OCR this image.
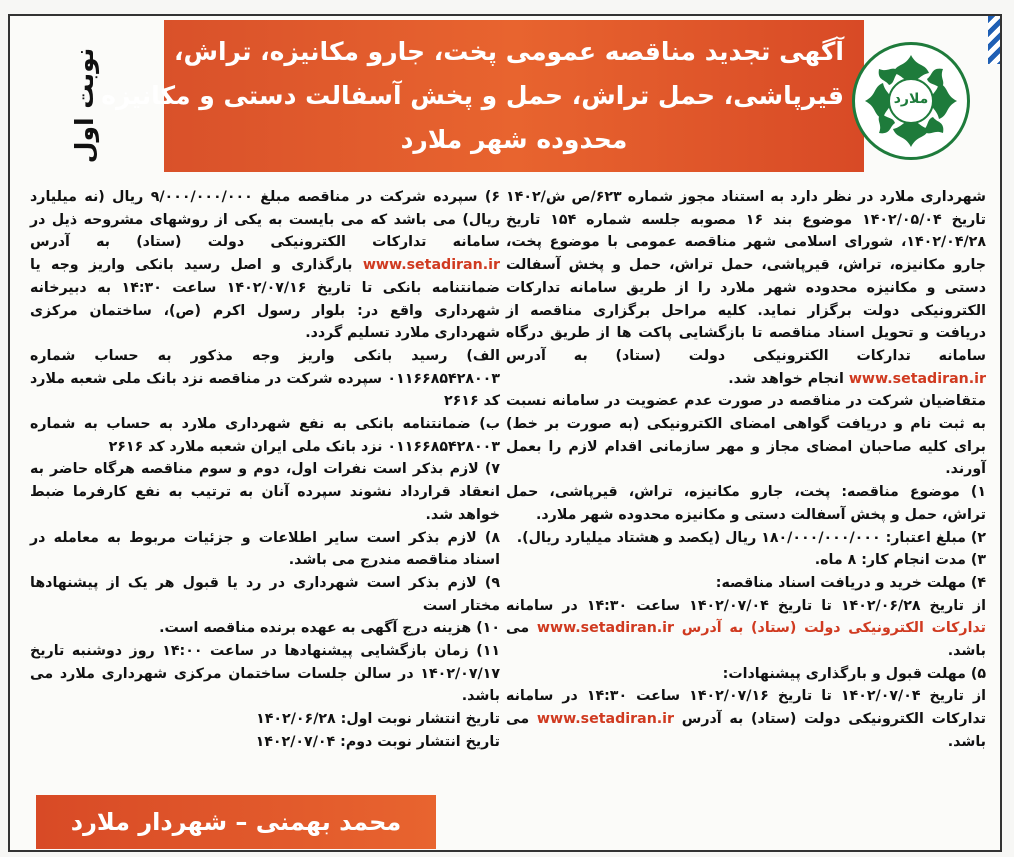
آگهی تجدید مناقصه عمومی پخت، جارو مکانیزه، تراش،
قیرپاشی، حمل تراش، حمل و پخش آسفالت دستی و مکانیزه
محدوده شهر ملارد
نوبت اول	ملارد

شهرداری ملارد در نظر دارد به استناد مجوز شماره ۶۲۳/ص ش/۱۴۰۲ تاریخ ۱۴۰۲/۰۵/۰۴ موضوع بند ۱۶ مصوبه جلسه شماره ۱۵۴ تاریخ ۱۴۰۲/۰۴/۲۸، شورای اسلامی شهر مناقصه عمومی با موضوع پخت، جارو مکانیزه، تراش، قیرپاشی، حمل تراش، حمل و پخش آسفالت دستی و مکانیزه محدوده شهر ملارد را از طریق سامانه تدارکات الکترونیکی دولت برگزار نماید. کلیه مراحل برگزاری مناقصه از دریافت و تحویل اسناد مناقصه تا بازگشایی پاکت ها از طریق درگاه سامانه تدارکات الکترونیکی دولت (ستاد) به آدرس www.setadiran.ir انجام خواهد شد.

متقاضیان شرکت در مناقصه در صورت عدم عضویت در سامانه نسبت به ثبت نام و دریافت گواهی امضای الکترونیکی (به صورت بر خط) برای کلیه صاحبان امضای مجاز و مهر سازمانی اقدام لازم را بعمل آورند.

۱) موضوع مناقصه: پخت، جارو مکانیزه، تراش، قیرپاشی، حمل تراش، حمل و پخش آسفالت دستی و مکانیزه محدوده شهر ملارد.

۲) مبلغ اعتبار: ۱۸۰/۰۰۰/۰۰۰/۰۰۰ ریال (یکصد و هشتاد میلیارد ریال).

۳) مدت انجام کار: ۸ ماه.

۴) مهلت خرید و دریافت اسناد مناقصه:

از تاریخ ۱۴۰۲/۰۶/۲۸ تا تاریخ ۱۴۰۲/۰۷/۰۴ ساعت ۱۴:۳۰ در سامانه تدارکات الکترونیکی دولت (ستاد) به آدرس www.setadiran.ir می باشد.

۵) مهلت قبول و بارگذاری پیشنهادات:

از تاریخ ۱۴۰۲/۰۷/۰۴ تا تاریخ ۱۴۰۲/۰۷/۱۶ ساعت ۱۴:۳۰ در سامانه تدارکات الکترونیکی دولت (ستاد) به آدرس www.setadiran.ir می باشد.

۶) سپرده شرکت در مناقصه مبلغ ۹/۰۰۰/۰۰۰/۰۰۰ ریال (نه میلیارد ریال) می باشد که می بایست به یکی از روشهای مشروحه ذیل در سامانه تدارکات الکترونیکی دولت (ستاد) به آدرس www.setadiran.ir بارگذاری و اصل رسید بانکی واریز وجه یا ضمانتنامه بانکی تا تاریخ ۱۴۰۲/۰۷/۱۶ ساعت ۱۴:۳۰ به دبیرخانه شهرداری واقع در: بلوار رسول اکرم (ص)، ساختمان مرکزی شهرداری ملارد تسلیم گردد.

الف) رسید بانکی واریز وجه مذکور به حساب شماره ۰۱۱۶۶۸۵۴۲۸۰۰۳ سپرده شرکت در مناقصه نزد بانک ملی شعبه ملارد کد ۲۶۱۶

ب) ضمانتنامه بانکی به نفع شهرداری ملارد به حساب به شماره ۰۱۱۶۶۸۵۴۲۸۰۰۳ نزد بانک ملی ایران شعبه ملارد کد ۲۶۱۶

۷) لازم بذکر است نفرات اول، دوم و سوم مناقصه هرگاه حاضر به انعقاد قرارداد نشوند سپرده آنان به ترتیب به نفع کارفرما ضبط خواهد شد.

۸) لازم بذکر است سایر اطلاعات و جزئیات مربوط به معامله در اسناد مناقصه مندرج می باشد.

۹) لازم بذکر است شهرداری در رد یا قبول هر یک از پیشنهادها مختار است

۱۰) هزینه درج آگهی به عهده برنده مناقصه است.

۱۱) زمان بازگشایی پیشنهادها در ساعت ۱۴:۰۰ روز دوشنبه تاریخ ۱۴۰۲/۰۷/۱۷ در سالن جلسات ساختمان مرکزی شهرداری ملارد می باشد.

تاریخ انتشار نوبت اول: ۱۴۰۲/۰۶/۲۸

تاریخ انتشار نوبت دوم: ۱۴۰۲/۰۷/۰۴

محمد بهمنی – شهردار ملارد
